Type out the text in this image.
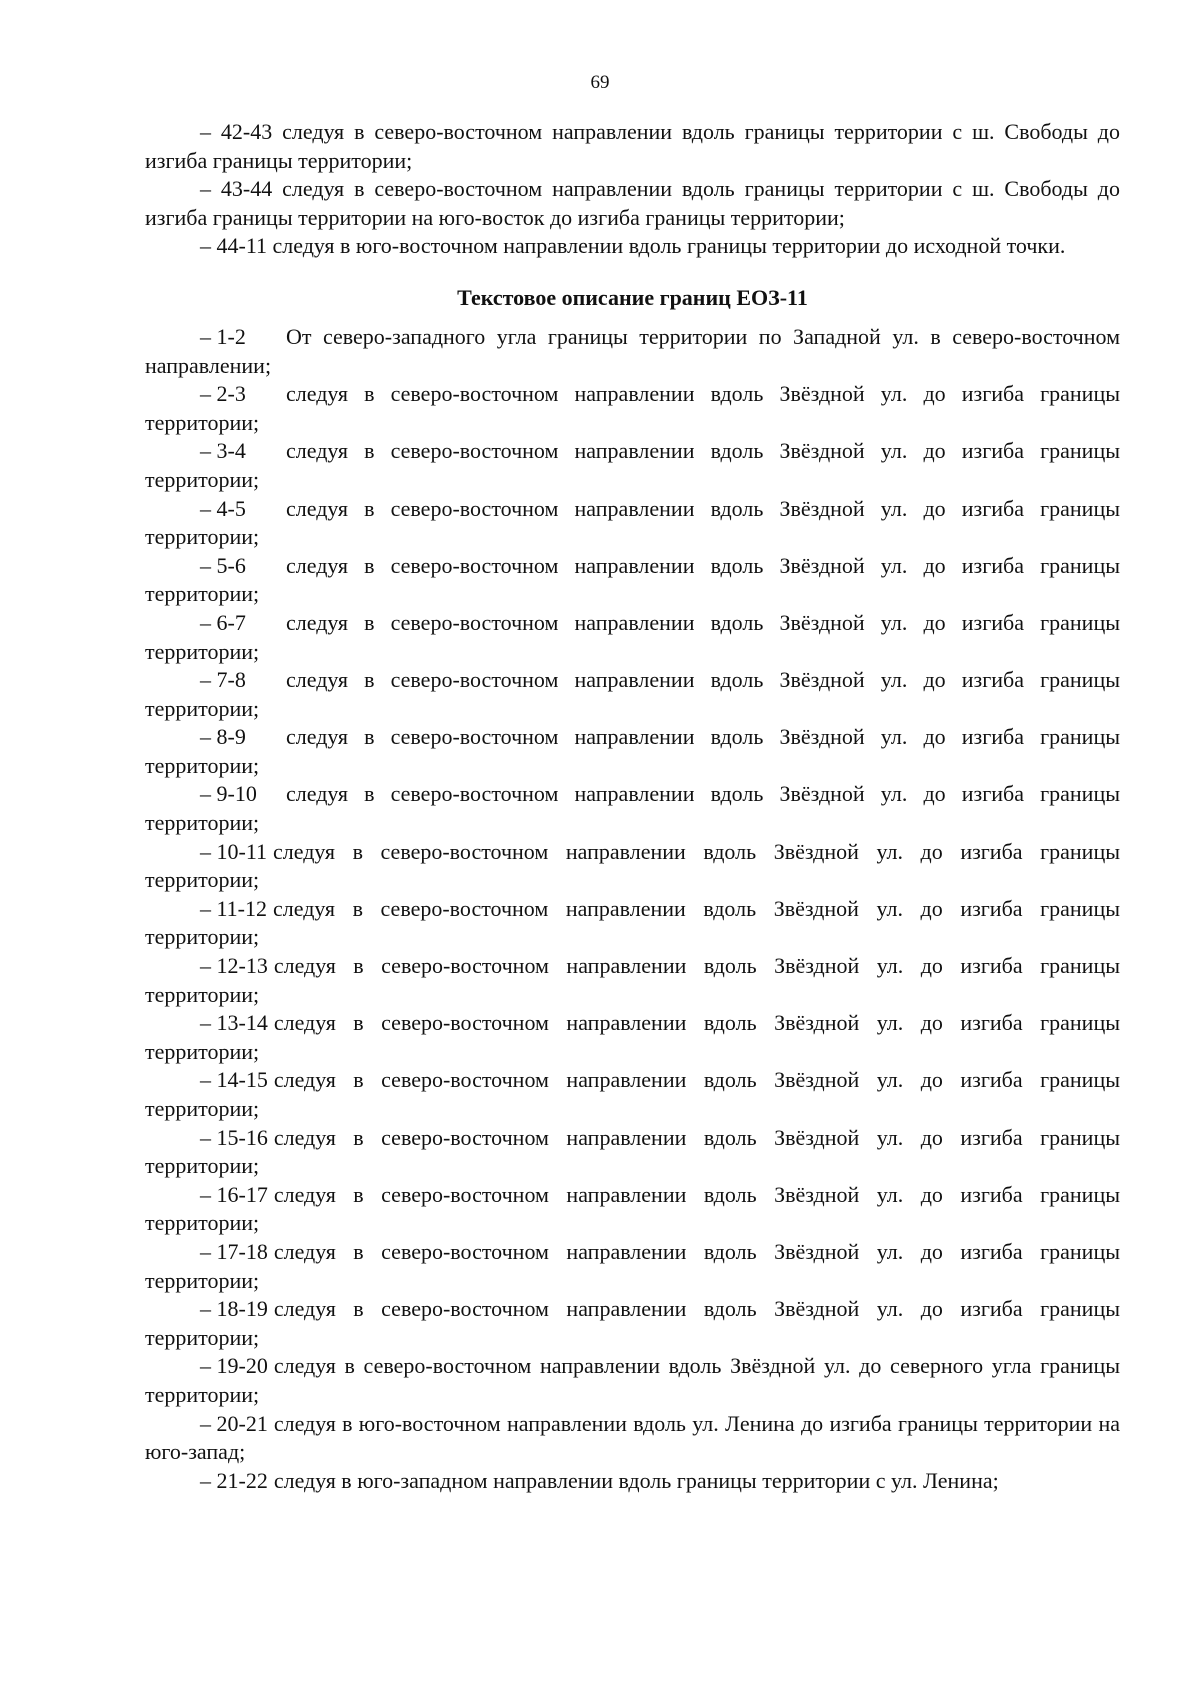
69

– 42-43 следуя в северо-восточном направлении вдоль границы территории с ш. Свободы до изгиба границы территории;

– 43-44 следуя в северо-восточном направлении вдоль границы территории с ш. Свободы до изгиба границы территории на юго-восток до изгиба границы территории;

– 44-11 следуя в юго-восточном направлении вдоль границы территории до исходной точки.

Текстовое описание границ ЕОЗ-11

– 1-2 От северо-западного угла границы территории по Западной ул. в северо-восточном направлении;

– 2-3 следуя в северо-восточном направлении вдоль Звёздной ул. до изгиба границы территории;

– 3-4 следуя в северо-восточном направлении вдоль Звёздной ул. до изгиба границы территории;

– 4-5 следуя в северо-восточном направлении вдоль Звёздной ул. до изгиба границы территории;

– 5-6 следуя в северо-восточном направлении вдоль Звёздной ул. до изгиба границы территории;

– 6-7 следуя в северо-восточном направлении вдоль Звёздной ул. до изгиба границы территории;

– 7-8 следуя в северо-восточном направлении вдоль Звёздной ул. до изгиба границы территории;

– 8-9 следуя в северо-восточном направлении вдоль Звёздной ул. до изгиба границы территории;

– 9-10 следуя в северо-восточном направлении вдоль Звёздной ул. до изгиба границы территории;

– 10-11 следуя в северо-восточном направлении вдоль Звёздной ул. до изгиба границы территории;

– 11-12 следуя в северо-восточном направлении вдоль Звёздной ул. до изгиба границы территории;

– 12-13 следуя в северо-восточном направлении вдоль Звёздной ул. до изгиба границы территории;

– 13-14 следуя в северо-восточном направлении вдоль Звёздной ул. до изгиба границы территории;

– 14-15 следуя в северо-восточном направлении вдоль Звёздной ул. до изгиба границы территории;

– 15-16 следуя в северо-восточном направлении вдоль Звёздной ул. до изгиба границы территории;

– 16-17 следуя в северо-восточном направлении вдоль Звёздной ул. до изгиба границы территории;

– 17-18 следуя в северо-восточном направлении вдоль Звёздной ул. до изгиба границы территории;

– 18-19 следуя в северо-восточном направлении вдоль Звёздной ул. до изгиба границы территории;

– 19-20 следуя в северо-восточном направлении вдоль Звёздной ул. до северного угла границы территории;

– 20-21 следуя в юго-восточном направлении вдоль ул. Ленина до изгиба границы территории на юго-запад;

– 21-22 следуя в юго-западном направлении вдоль границы территории с ул. Ленина;
